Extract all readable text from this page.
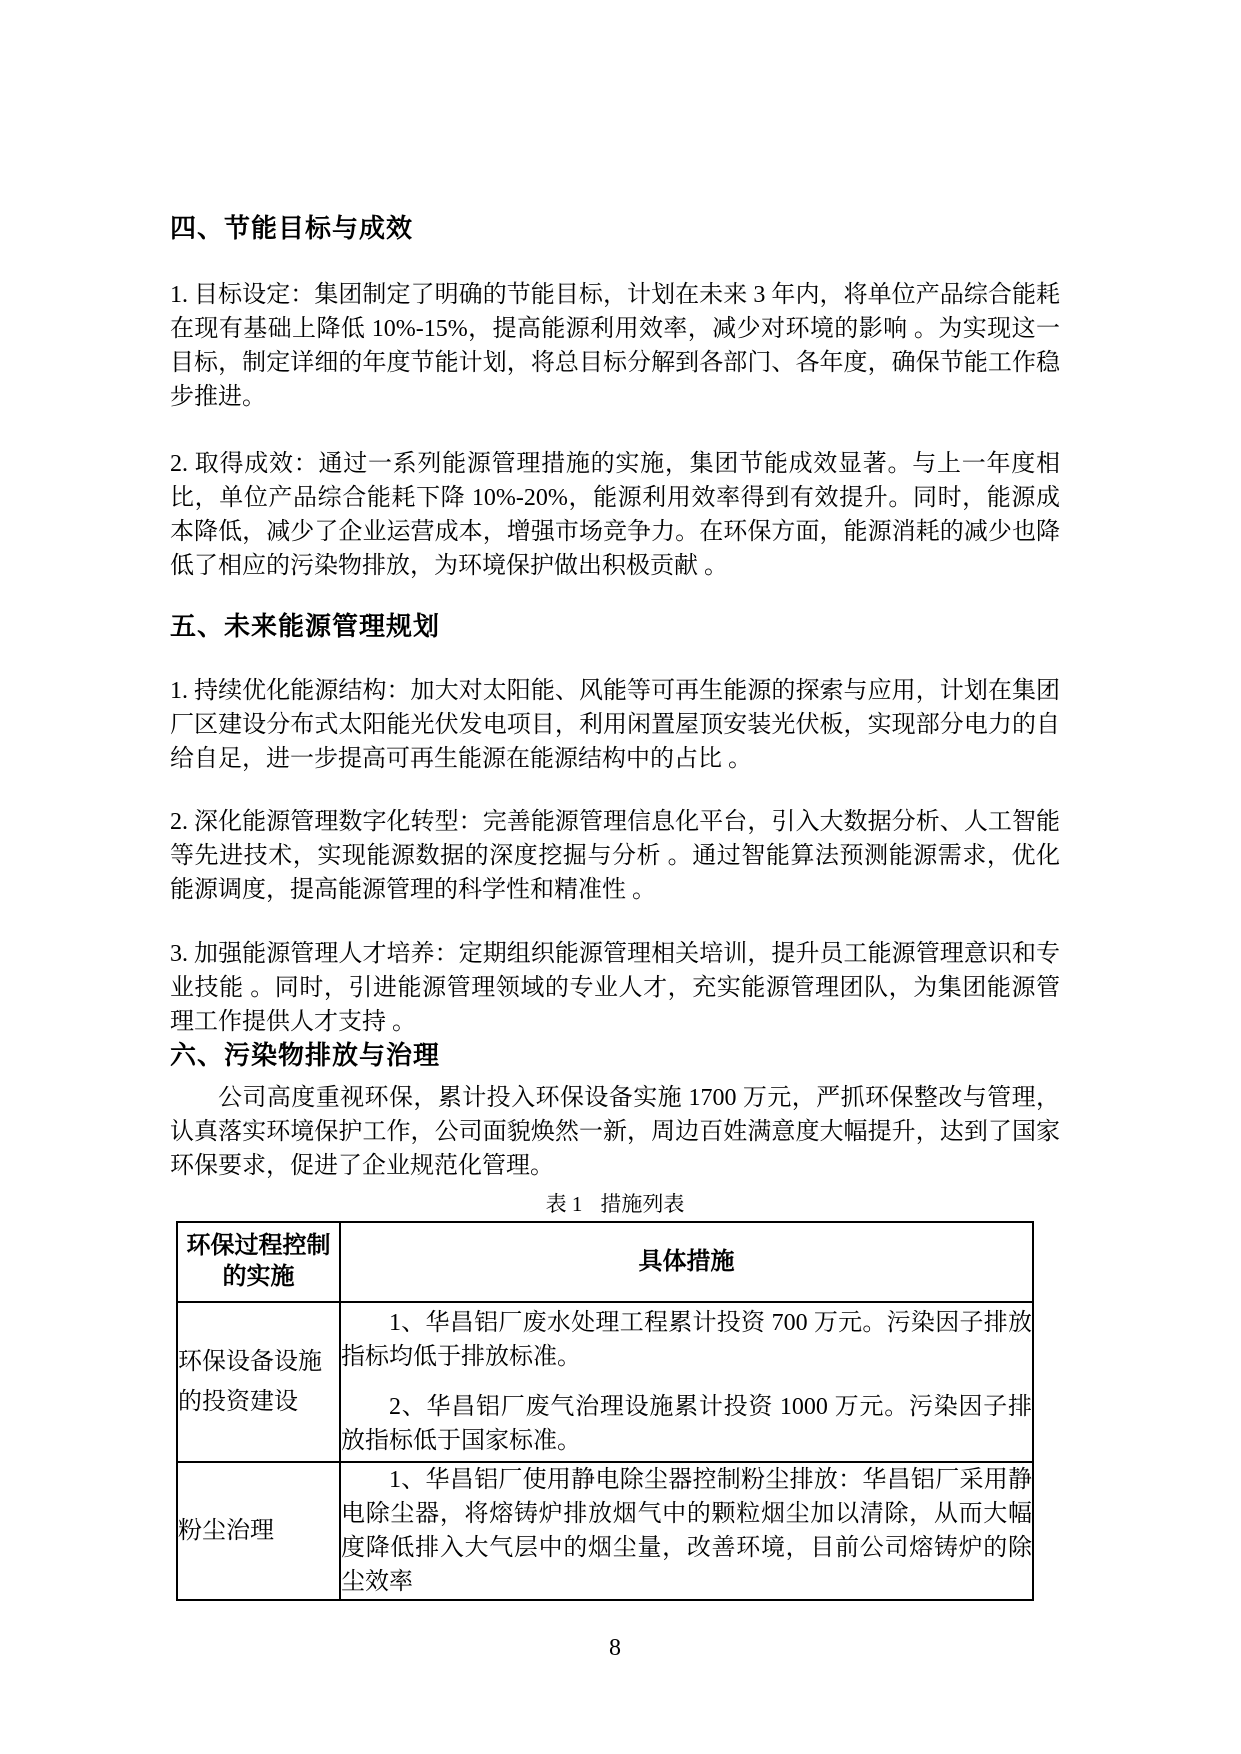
四、节能目标与成效

1. 目标设定：集团制定了明确的节能目标，计划在未来 3 年内，将单位产品综合能耗在现有基础上降低 10%-15%，提高能源利用效率，减少对环境的影响 。为实现这一目标，制定详细的年度节能计划，将总目标分解到各部门、各年度，确保节能工作稳步推进。

2. 取得成效：通过一系列能源管理措施的实施，集团节能成效显著。与上一年度相比，单位产品综合能耗下降 10%-20%，能源利用效率得到有效提升。同时，能源成本降低，减少了企业运营成本，增强市场竞争力。在环保方面，能源消耗的减少也降低了相应的污染物排放，为环境保护做出积极贡献 。

五、未来能源管理规划

1. 持续优化能源结构：加大对太阳能、风能等可再生能源的探索与应用，计划在集团厂区建设分布式太阳能光伏发电项目，利用闲置屋顶安装光伏板，实现部分电力的自给自足，进一步提高可再生能源在能源结构中的占比 。

2. 深化能源管理数字化转型：完善能源管理信息化平台，引入大数据分析、人工智能等先进技术，实现能源数据的深度挖掘与分析 。通过智能算法预测能源需求，优化能源调度，提高能源管理的科学性和精准性 。

3. 加强能源管理人才培养：定期组织能源管理相关培训，提升员工能源管理意识和专业技能 。同时，引进能源管理领域的专业人才，充实能源管理团队，为集团能源管理工作提供人才支持 。

六、污染物排放与治理

公司高度重视环保，累计投入环保设备实施 1700 万元，严抓环保整改与管理，认真落实环境保护工作，公司面貌焕然一新，周边百姓满意度大幅提升，达到了国家环保要求，促进了企业规范化管理。

表 1 措施列表
环保过程控制的实施	具体措施
环保设备设施的投资建设	1、华昌铝厂废水处理工程累计投资 700 万元。污染因子排放指标均低于排放标准。

2、华昌铝厂废气治理设施累计投资 1000 万元。污染因子排放指标低于国家标准。

粉尘治理	1、华昌铝厂使用静电除尘器控制粉尘排放：华昌铝厂采用静电除尘器，将熔铸炉排放烟气中的颗粒烟尘加以清除，从而大幅度降低排入大气层中的烟尘量，改善环境，目前公司熔铸炉的除尘效率

8
